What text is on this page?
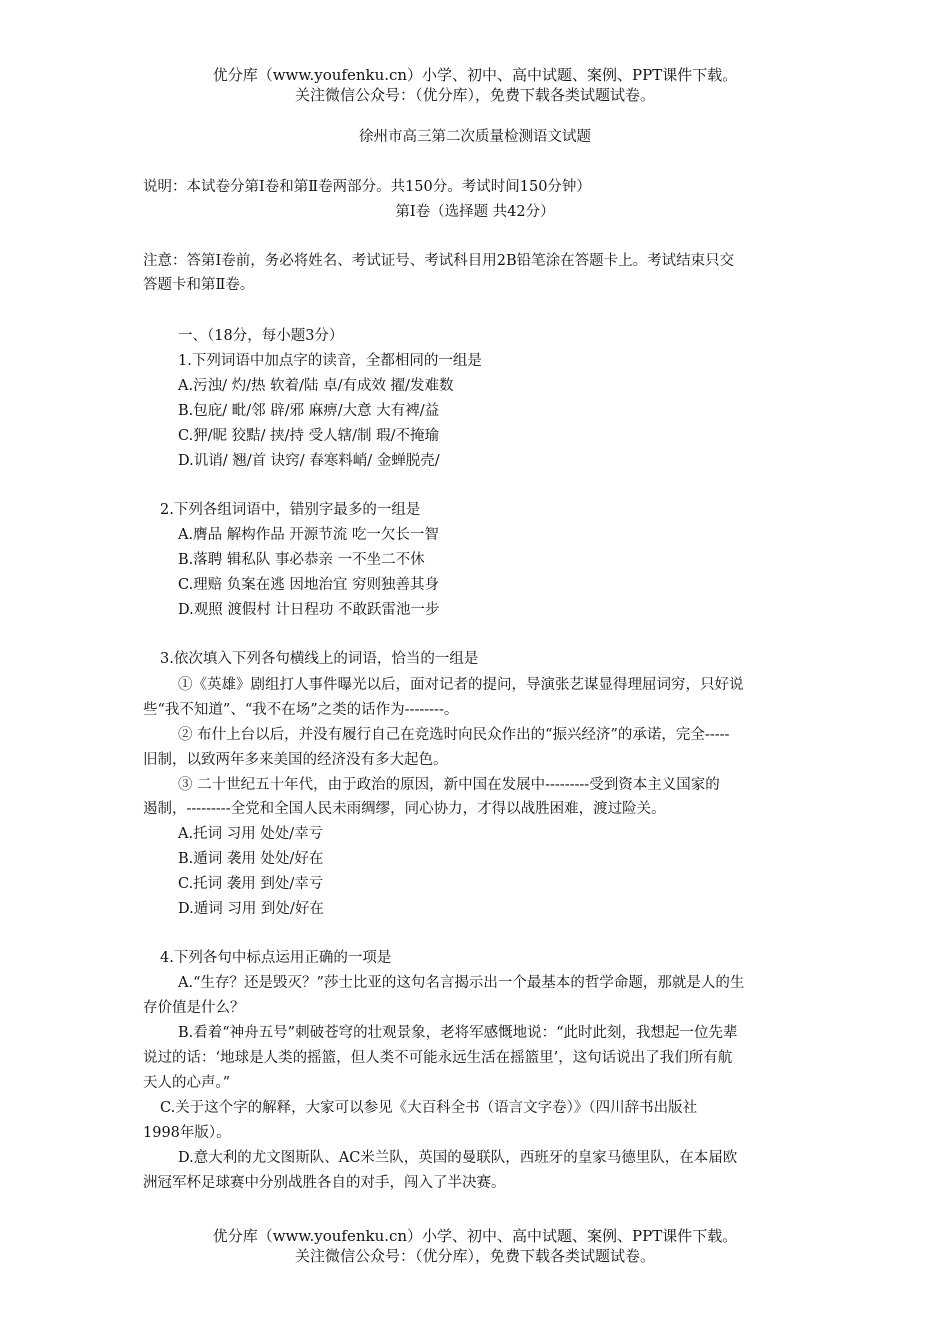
优分库（www.youfenku.cn）小学、初中、高中试题、案例、PPT课件下载。
关注微信公众号：（优分库），免费下载各类试题试卷。
徐州市高三第二次质量检测语文试题
说明：本试卷分第Ⅰ卷和第Ⅱ卷两部分。共150分。考试时间150分钟）
第Ⅰ卷（选择题 共42分）
注意：答第Ⅰ卷前，务必将姓名、考试证号、考试科目用2B铅笔涂在答题卡上。考试结束只交
答题卡和第Ⅱ卷。
一、（18分，每小题3分）
1.下列词语中加点字的读音，全都相同的一组是
A.污浊/ 灼/热 软着/陆 卓/有成效 擢/发难数
B.包庇/ 毗/邻 辟/邪 麻痹/大意 大有裨/益
C.狎/昵 狡黠/ 挟/持 受人辖/制 瑕/不掩瑜
D.讥诮/ 翘/首 诀窍/ 春寒料峭/ 金蝉脱壳/
2.下列各组词语中，错别字最多的一组是
A.膺品 解构作品 开源节流 吃一欠长一智
B.落聘 辑私队 事必恭亲 一不坐二不休
C.理赔 负案在逃 因地治宜 穷则独善其身
D.观照 渡假村 计日程功 不敢跃雷池一步
3.依次填入下列各句横线上的词语，恰当的一组是
①《英雄》剧组打人事件曝光以后，面对记者的提问，导演张艺谋显得理屈词穷，只好说
些“我不知道”、“我不在场”之类的话作为--------。
② 布什上台以后，并没有履行自己在竞选时向民众作出的“振兴经济”的承诺，完全-----
旧制，以致两年多来美国的经济没有多大起色。
③ 二十世纪五十年代，由于政治的原因，新中国在发展中---------受到资本主义国家的
遏制，---------全党和全国人民未雨绸缪，同心协力，才得以战胜困难，渡过险关。
A.托词 习用 处处/幸亏
B.遁词 袭用 处处/好在
C.托词 袭用 到处/幸亏
D.遁词 习用 到处/好在
4.下列各句中标点运用正确的一项是
A.“生存？还是毁灭？”莎士比亚的这句名言揭示出一个最基本的哲学命题，那就是人的生
存价值是什么？
B.看着“神舟五号”刺破苍穹的壮观景象，老将军感慨地说：“此时此刻，我想起一位先辈
说过的话：‘地球是人类的摇篮，但人类不可能永远生活在摇篮里’，这句话说出了我们所有航
天人的心声。”
C.关于这个字的解释，大家可以参见《大百科全书（语言文字卷）》（四川辞书出版社
1998年版）。
D.意大利的尤文图斯队、AC米兰队，英国的曼联队，西班牙的皇家马德里队，在本届欧
洲冠军杯足球赛中分别战胜各自的对手，闯入了半决赛。
优分库（www.youfenku.cn）小学、初中、高中试题、案例、PPT课件下载。
关注微信公众号：（优分库），免费下载各类试题试卷。
